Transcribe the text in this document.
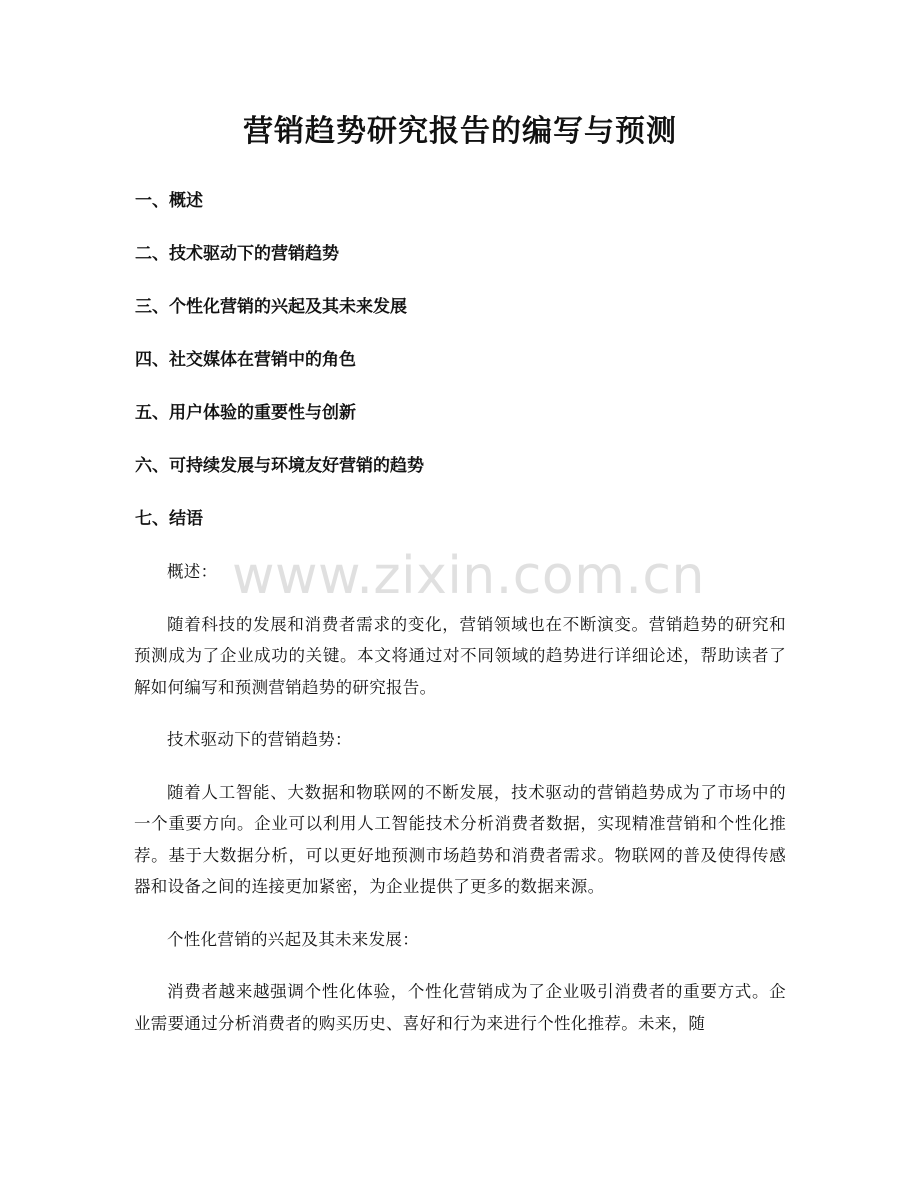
营销趋势研究报告的编写与预测
一、概述
二、技术驱动下的营销趋势
三、个性化营销的兴起及其未来发展
四、社交媒体在营销中的角色
五、用户体验的重要性与创新
六、可持续发展与环境友好营销的趋势
七、结语

概述：

随着科技的发展和消费者需求的变化，营销领域也在不断演变。营销趋势的研究和预测成为了企业成功的关键。本文将通过对不同领域的趋势进行详细论述，帮助读者了解如何编写和预测营销趋势的研究报告。

技术驱动下的营销趋势：

随着人工智能、大数据和物联网的不断发展，技术驱动的营销趋势成为了市场中的一个重要方向。企业可以利用人工智能技术分析消费者数据，实现精准营销和个性化推荐。基于大数据分析，可以更好地预测市场趋势和消费者需求。物联网的普及使得传感器和设备之间的连接更加紧密，为企业提供了更多的数据来源。

个性化营销的兴起及其未来发展：

消费者越来越强调个性化体验，个性化营销成为了企业吸引消费者的重要方式。企业需要通过分析消费者的购买历史、喜好和行为来进行个性化推荐。未来，随

www.zixin.com.cn
